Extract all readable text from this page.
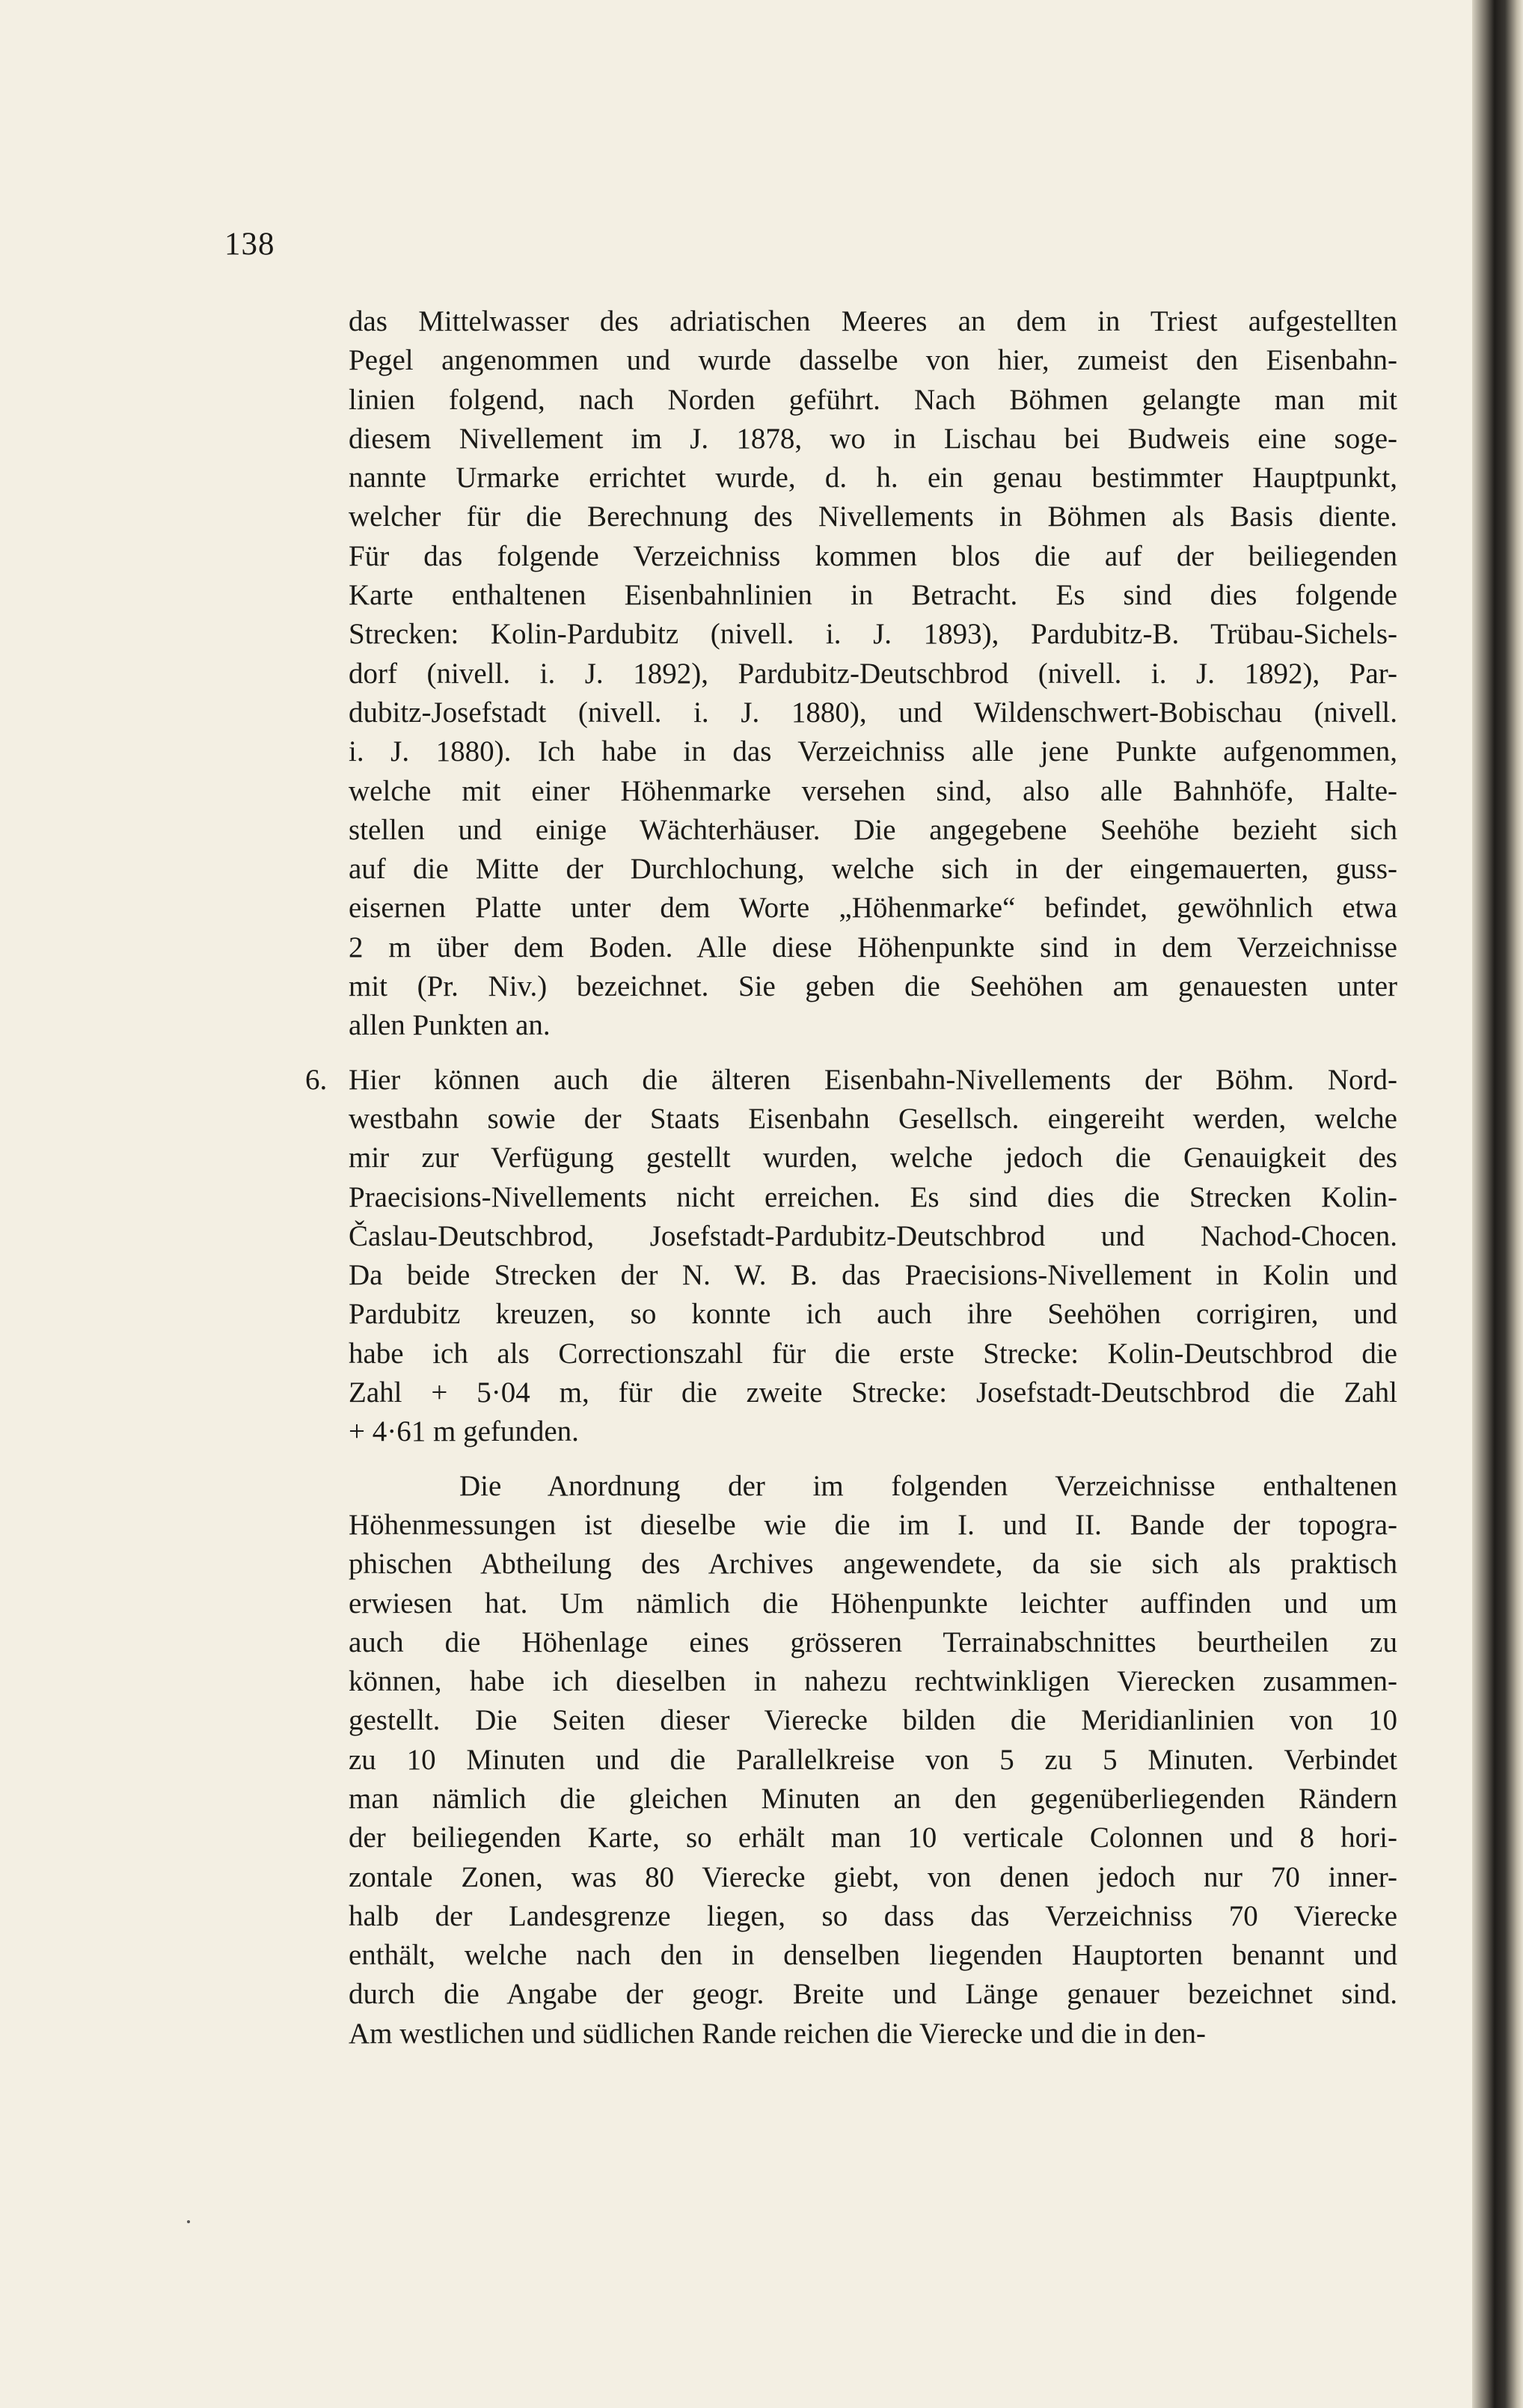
138
das Mittelwasser des adriatischen Meeres an dem in Triest aufgestellten
Pegel angenommen und wurde dasselbe von hier, zumeist den Eisenbahn-
linien folgend, nach Norden geführt. Nach Böhmen gelangte man mit
diesem Nivellement im J. 1878, wo in Lischau bei Budweis eine soge-
nannte Urmarke errichtet wurde, d. h. ein genau bestimmter Hauptpunkt,
welcher für die Berechnung des Nivellements in Böhmen als Basis diente.
Für das folgende Verzeichniss kommen blos die auf der beiliegenden
Karte enthaltenen Eisenbahnlinien in Betracht. Es sind dies folgende
Strecken: Kolin-Pardubitz (nivell. i. J. 1893), Pardubitz-B. Trübau-Sichels-
dorf (nivell. i. J. 1892), Pardubitz-Deutschbrod (nivell. i. J. 1892), Par-
dubitz-Josefstadt (nivell. i. J. 1880), und Wildenschwert-Bobischau (nivell.
i. J. 1880). Ich habe in das Verzeichniss alle jene Punkte aufgenommen,
welche mit einer Höhenmarke versehen sind, also alle Bahnhöfe, Halte-
stellen und einige Wächterhäuser. Die angegebene Seehöhe bezieht sich
auf die Mitte der Durchlochung, welche sich in der eingemauerten, guss-
eisernen Platte unter dem Worte „Höhenmarke“ befindet, gewöhnlich etwa
2 m über dem Boden. Alle diese Höhenpunkte sind in dem Verzeichnisse
mit (Pr. Niv.) bezeichnet. Sie geben die Seehöhen am genauesten unter
allen Punkten an.
6. Hier können auch die älteren Eisenbahn-Nivellements der Böhm. Nord-
westbahn sowie der Staats Eisenbahn Gesellsch. eingereiht werden, welche
mir zur Verfügung gestellt wurden, welche jedoch die Genauigkeit des
Praecisions-Nivellements nicht erreichen. Es sind dies die Strecken Kolin-
Časlau-Deutschbrod, Josefstadt-Pardubitz-Deutschbrod und Nachod-Chocen.
Da beide Strecken der N. W. B. das Praecisions-Nivellement in Kolin und
Pardubitz kreuzen, so konnte ich auch ihre Seehöhen corrigiren, und
habe ich als Correctionszahl für die erste Strecke: Kolin-Deutschbrod die
Zahl + 5·04 m, für die zweite Strecke: Josefstadt-Deutschbrod die Zahl
+ 4·61 m gefunden.
Die Anordnung der im folgenden Verzeichnisse enthaltenen
Höhenmessungen ist dieselbe wie die im I. und II. Bande der topogra-
phischen Abtheilung des Archives angewendete, da sie sich als praktisch
erwiesen hat. Um nämlich die Höhenpunkte leichter auffinden und um
auch die Höhenlage eines grösseren Terrainabschnittes beurtheilen zu
können, habe ich dieselben in nahezu rechtwinkligen Vierecken zusammen-
gestellt. Die Seiten dieser Vierecke bilden die Meridianlinien von 10
zu 10 Minuten und die Parallelkreise von 5 zu 5 Minuten. Verbindet
man nämlich die gleichen Minuten an den gegenüberliegenden Rändern
der beiliegenden Karte, so erhält man 10 verticale Colonnen und 8 hori-
zontale Zonen, was 80 Vierecke giebt, von denen jedoch nur 70 inner-
halb der Landesgrenze liegen, so dass das Verzeichniss 70 Vierecke
enthält, welche nach den in denselben liegenden Hauptorten benannt und
durch die Angabe der geogr. Breite und Länge genauer bezeichnet sind.
Am westlichen und südlichen Rande reichen die Vierecke und die in den-
